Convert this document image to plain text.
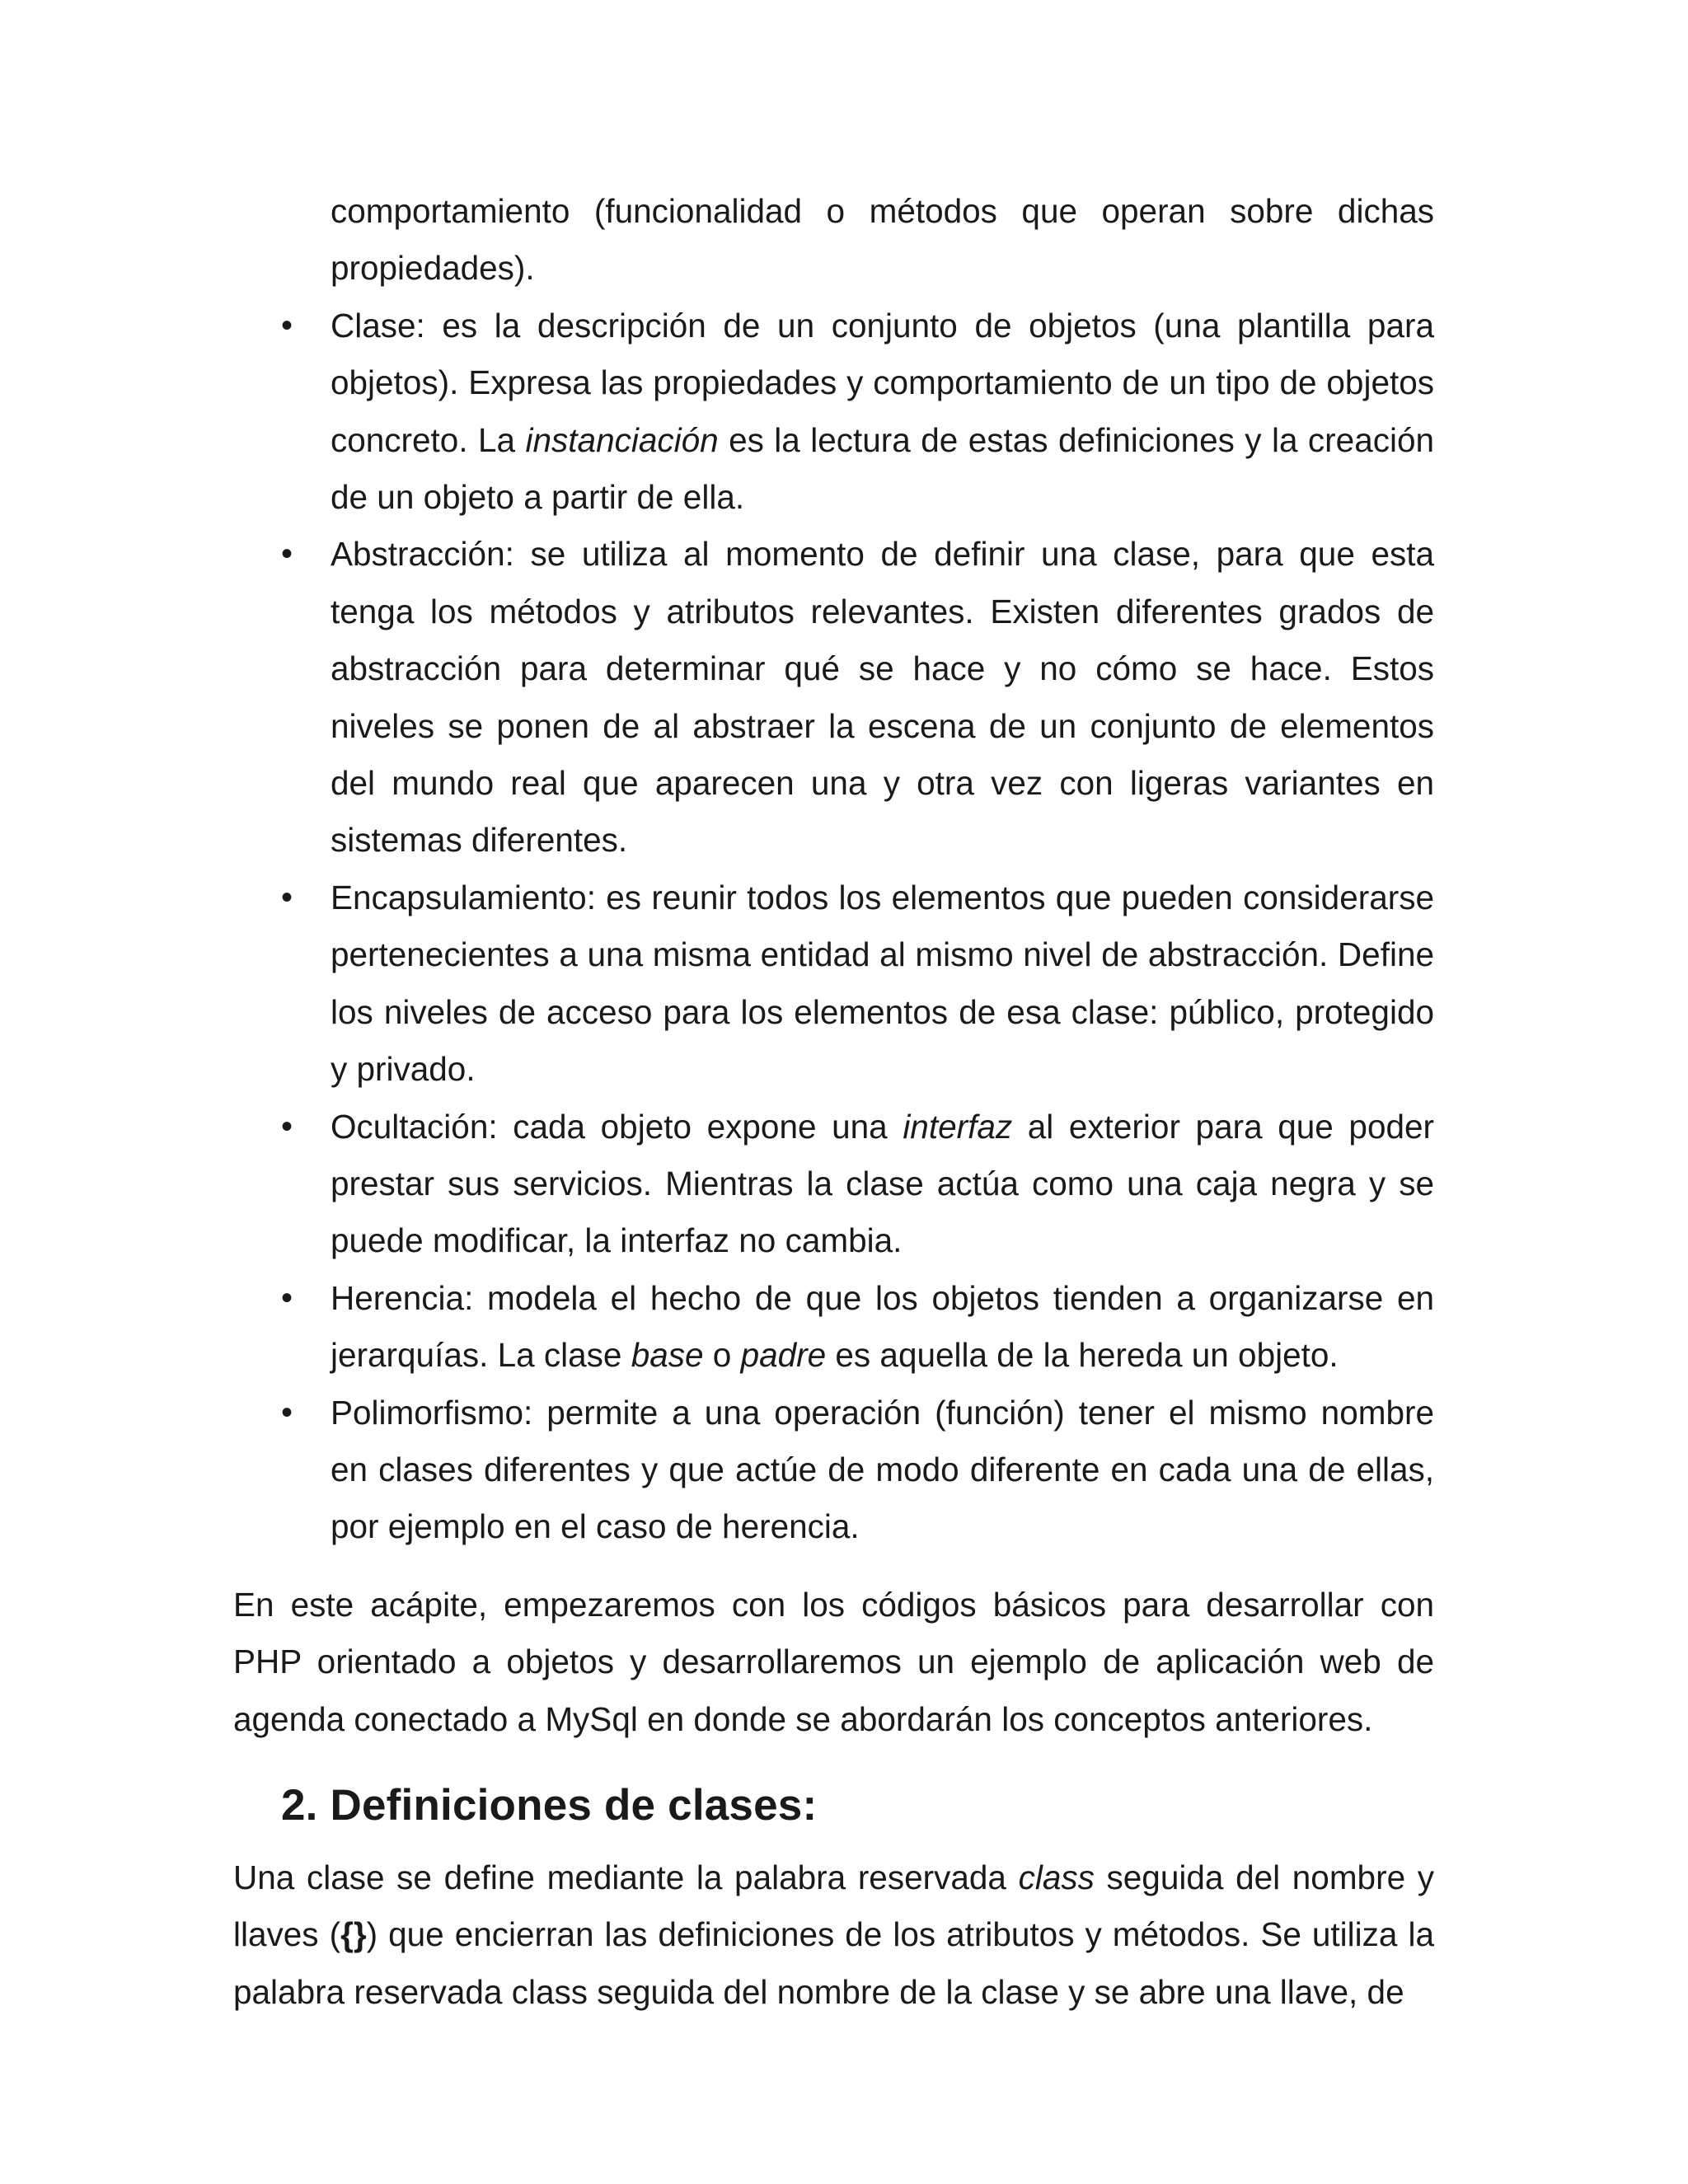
comportamiento (funcionalidad o métodos que operan sobre dichas propiedades).

• Clase: es la descripción de un conjunto de objetos (una plantilla para objetos). Expresa las propiedades y comportamiento de un tipo de objetos concreto. La instanciación es la lectura de estas definiciones y la creación de un objeto a partir de ella.
• Abstracción: se utiliza al momento de definir una clase, para que esta tenga los métodos y atributos relevantes. Existen diferentes grados de abstracción para determinar qué se hace y no cómo se hace. Estos niveles se ponen de al abstraer la escena de un conjunto de elementos del mundo real que aparecen una y otra vez con ligeras variantes en sistemas diferentes.
• Encapsulamiento: es reunir todos los elementos que pueden considerarse pertenecientes a una misma entidad al mismo nivel de abstracción. Define los niveles de acceso para los elementos de esa clase: público, protegido y privado.
• Ocultación: cada objeto expone una interfaz al exterior para que poder prestar sus servicios. Mientras la clase actúa como una caja negra y se puede modificar, la interfaz no cambia.
• Herencia: modela el hecho de que los objetos tienden a organizarse en jerarquías. La clase base o padre es aquella de la hereda un objeto.
• Polimorfismo: permite a una operación (función) tener el mismo nombre en clases diferentes y que actúe de modo diferente en cada una de ellas, por ejemplo en el caso de herencia.

En este acápite, empezaremos con los códigos básicos para desarrollar con PHP orientado a objetos y desarrollaremos un ejemplo de aplicación web de agenda conectado a MySql en donde se abordarán los conceptos anteriores.

2. Definiciones de clases:

Una clase se define mediante la palabra reservada class seguida del nombre y llaves ({}) que encierran las definiciones de los atributos y métodos. Se utiliza la palabra reservada class seguida del nombre de la clase y se abre una llave, de
